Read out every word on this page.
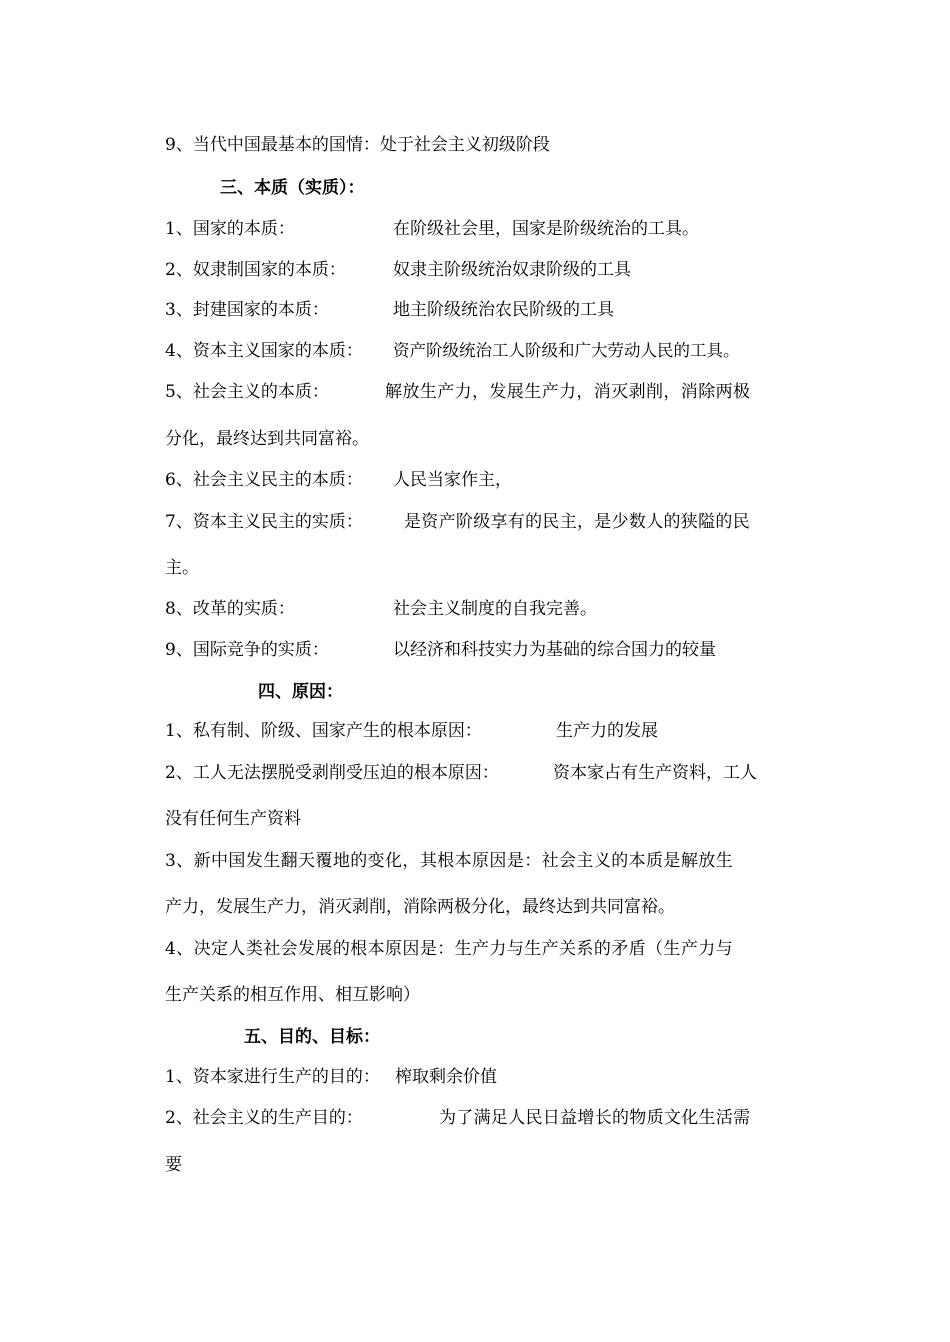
9、当代中国最基本的国情：处于社会主义初级阶段
三、本质（实质）：
1、国家的本质：	在阶级社会里，国家是阶级统治的工具。
2、奴隶制国家的本质：	奴隶主阶级统治奴隶阶级的工具
3、封建国家的本质：	地主阶级统治农民阶级的工具
4、资本主义国家的本质： 资产阶级统治工人阶级和广大劳动人民的工具。
5、社会主义的本质：	解放生产力，发展生产力，消灭剥削，消除两极
分化，最终达到共同富裕。
6、社会主义民主的本质： 人民当家作主，
7、资本主义民主的实质： 是资产阶级享有的民主，是少数人的狭隘的民
主。
8、改革的实质：	社会主义制度的自我完善。
9、国际竞争的实质：	以经济和科技实力为基础的综合国力的较量
四、原因：
1、私有制、阶级、国家产生的根本原因：	生产力的发展
2、工人无法摆脱受剥削受压迫的根本原因：	资本家占有生产资料，工人
没有任何生产资料
3、新中国发生翻天覆地的变化，其根本原因是：社会主义的本质是解放生
产力，发展生产力，消灭剥削，消除两极分化，最终达到共同富裕。
4、决定人类社会发展的根本原因是：生产力与生产关系的矛盾（生产力与
生产关系的相互作用、相互影响）
五、目的、目标：
1、资本家进行生产的目的： 榨取剩余价值
2、社会主义的生产目的：	为了满足人民日益增长的物质文化生活需
要
